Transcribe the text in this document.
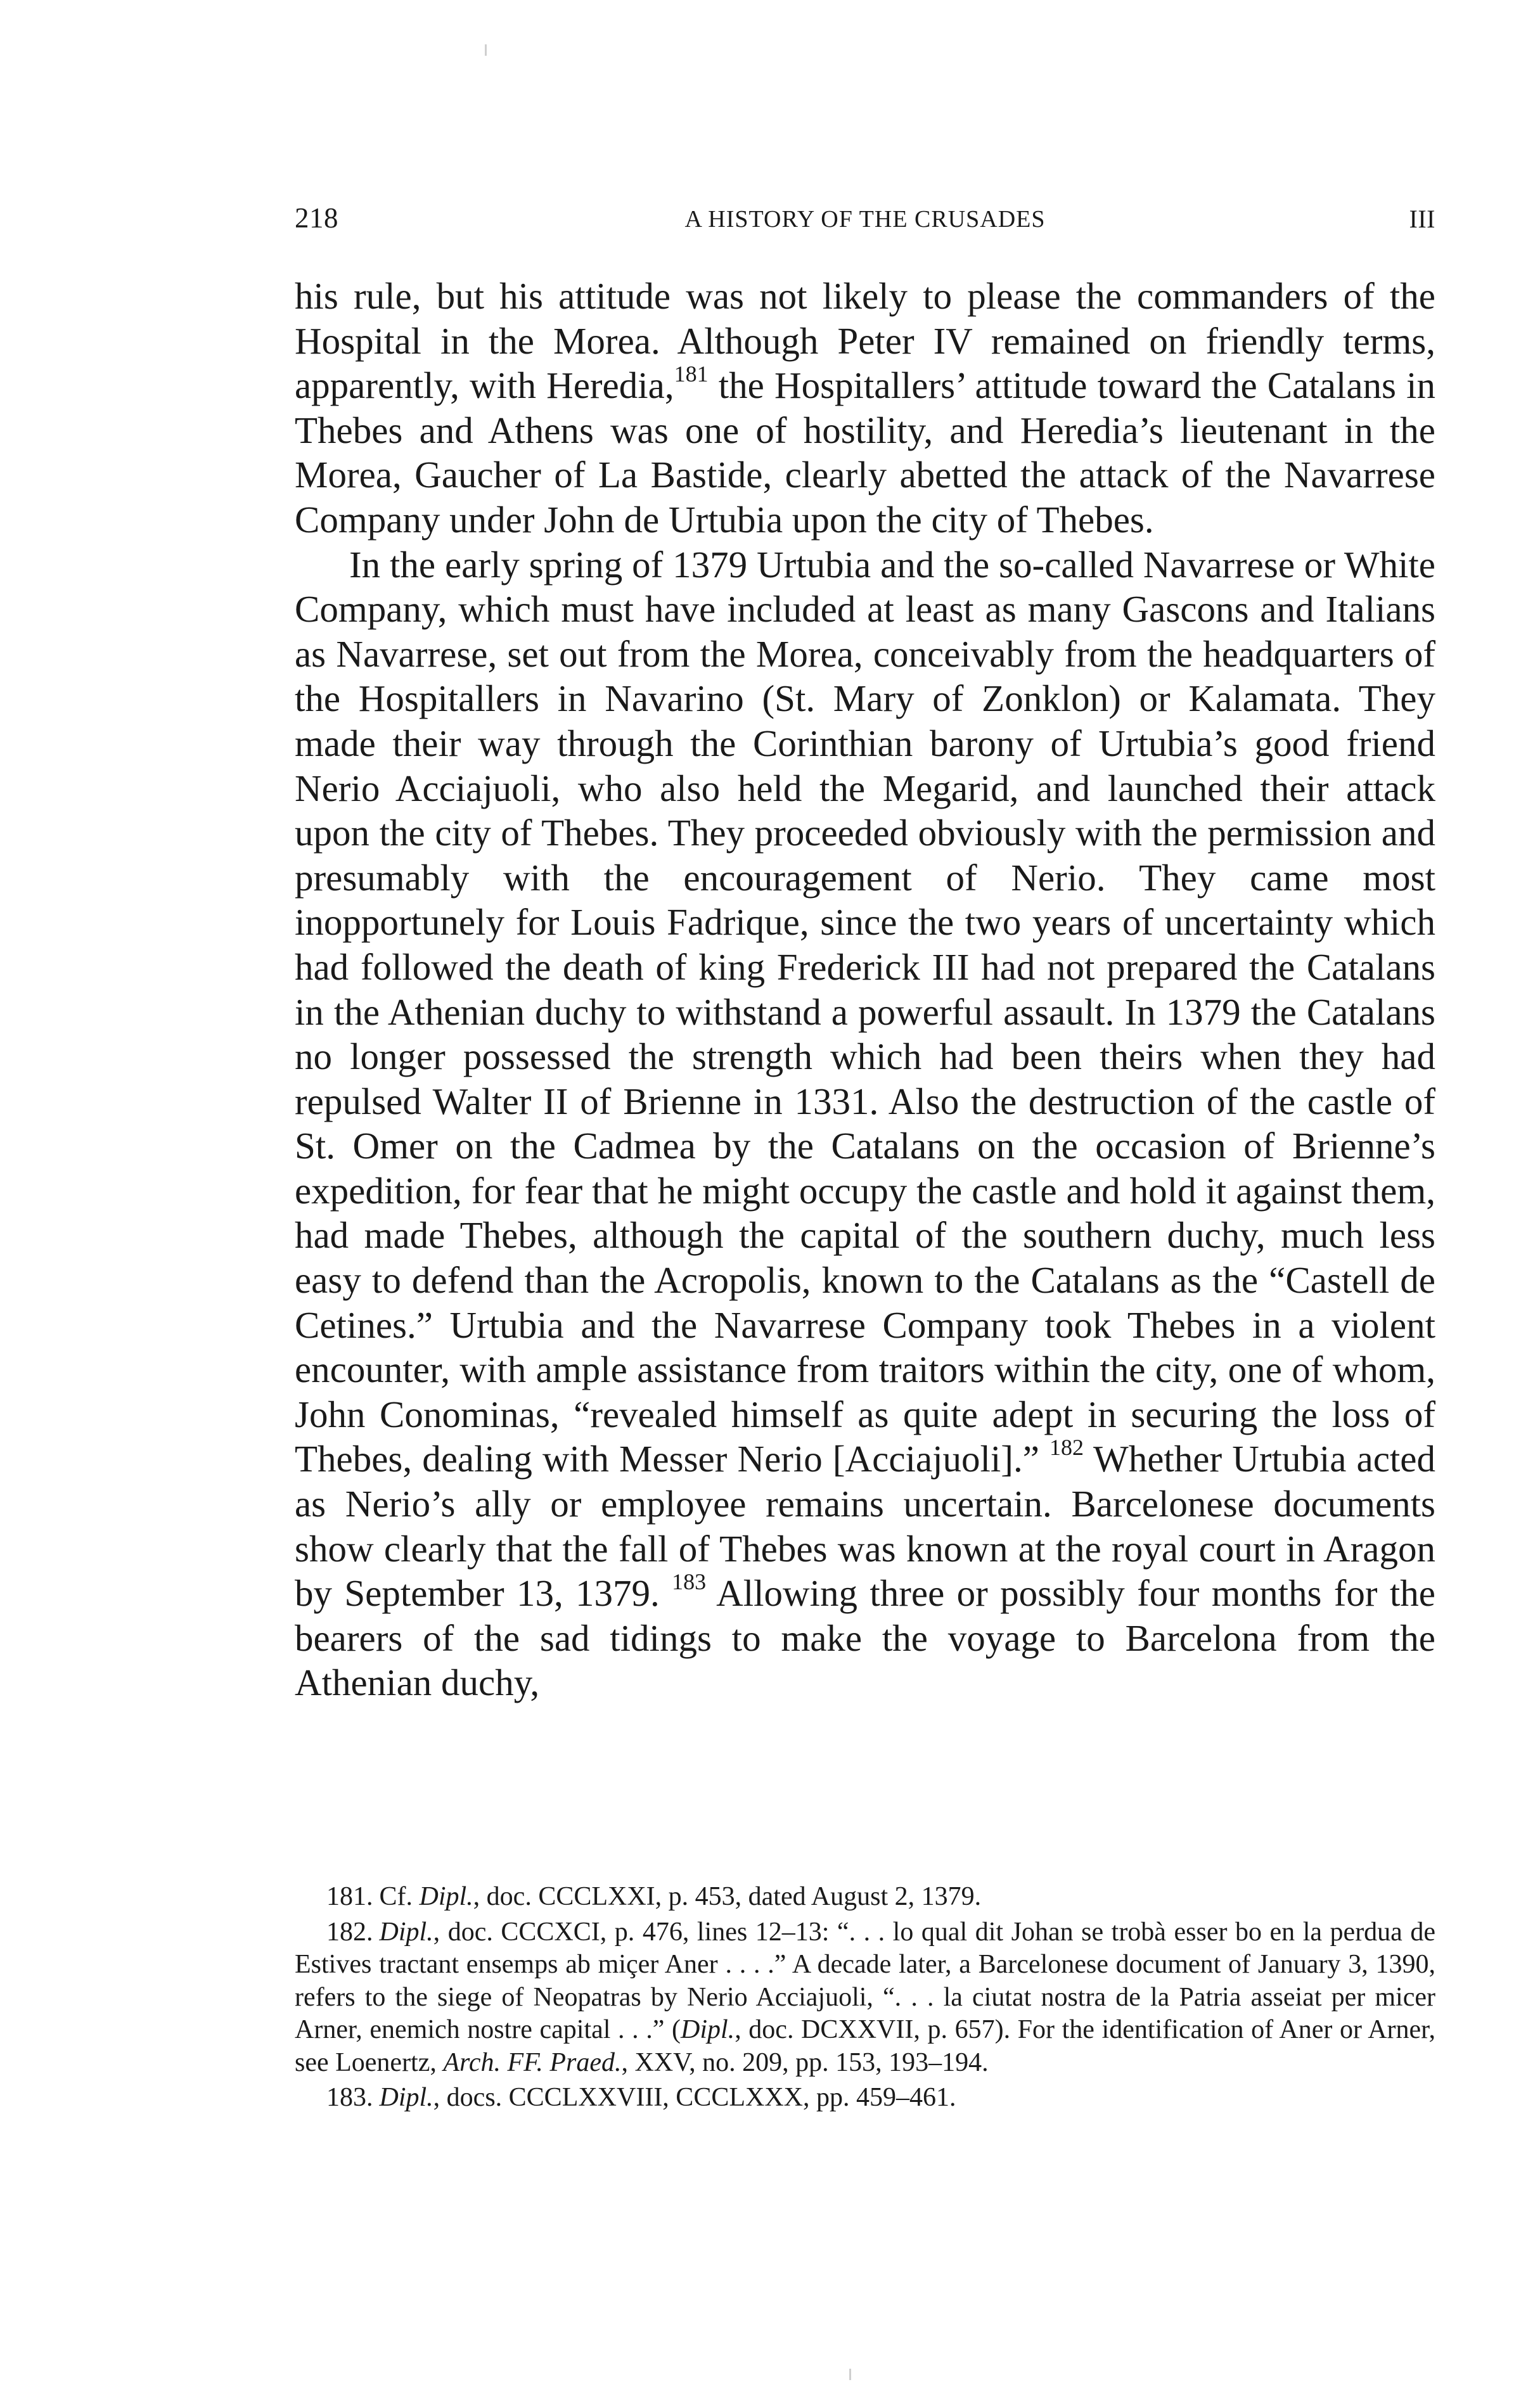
218	A HISTORY OF THE CRUSADES	III

his rule, but his attitude was not likely to please the commanders of the Hospital in the Morea. Although Peter IV remained on friendly terms, apparently, with Heredia,$^{181}$ the Hospitallers’ attitude toward the Catalans in Thebes and Athens was one of hostility, and Heredia’s lieutenant in the Morea, Gaucher of La Bastide, clearly abetted the attack of the Navarrese Company under John de Urtubia upon the city of Thebes.

In the early spring of 1379 Urtubia and the so-called Navarrese or White Company, which must have included at least as many Gascons and Italians as Navarrese, set out from the Morea, conceivably from the headquarters of the Hospitallers in Navarino (St. Mary of Zonklon) or Kalamata. They made their way through the Corinthian barony of Urtubia’s good friend Nerio Acciajuoli, who also held the Megarid, and launched their attack upon the city of Thebes. They proceeded obviously with the permission and presumably with the encouragement of Nerio. They came most inopportunely for Louis Fadrique, since the two years of uncertainty which had followed the death of king Frederick III had not prepared the Catalans in the Athenian duchy to withstand a powerful assault. In 1379 the Catalans no longer possessed the strength which had been theirs when they had repulsed Walter II of Brienne in 1331. Also the destruction of the castle of St. Omer on the Cadmea by the Catalans on the occasion of Brienne’s expedition, for fear that he might occupy the castle and hold it against them, had made Thebes, although the capital of the southern duchy, much less easy to defend than the Acropolis, known to the Catalans as the “Castell de Cetines.” Urtubia and the Navarrese Company took Thebes in a violent encounter, with ample assistance from traitors within the city, one of whom, John Conominas, “revealed himself as quite adept in securing the loss of Thebes, dealing with Messer Nerio [Acciajuoli].” $^{182}$ Whether Urtubia acted as Nerio’s ally or employee remains uncertain. Barcelonese documents show clearly that the fall of Thebes was known at the royal court in Aragon by September 13, 1379. $^{183}$ Allowing three or possibly four months for the bearers of the sad tidings to make the voyage to Barcelona from the Athenian duchy,

181. Cf. Dipl., doc. CCCLXXI, p. 453, dated August 2, 1379.

182. Dipl., doc. CCCXCI, p. 476, lines 12–13: “. . . lo qual dit Johan se trobà esser bo en la perdua de Estives tractant ensemps ab miçer Aner . . . .” A decade later, a Barcelonese document of January 3, 1390, refers to the siege of Neopatras by Nerio Acciajuoli, “. . . la ciutat nostra de la Patria asseiat per micer Arner, enemich nostre capital . . .” (Dipl., doc. DCXXVII, p. 657). For the identification of Aner or Arner, see Loenertz, Arch. FF. Praed., XXV, no. 209, pp. 153, 193–194.

183. Dipl., docs. CCCLXXVIII, CCCLXXX, pp. 459–461.
